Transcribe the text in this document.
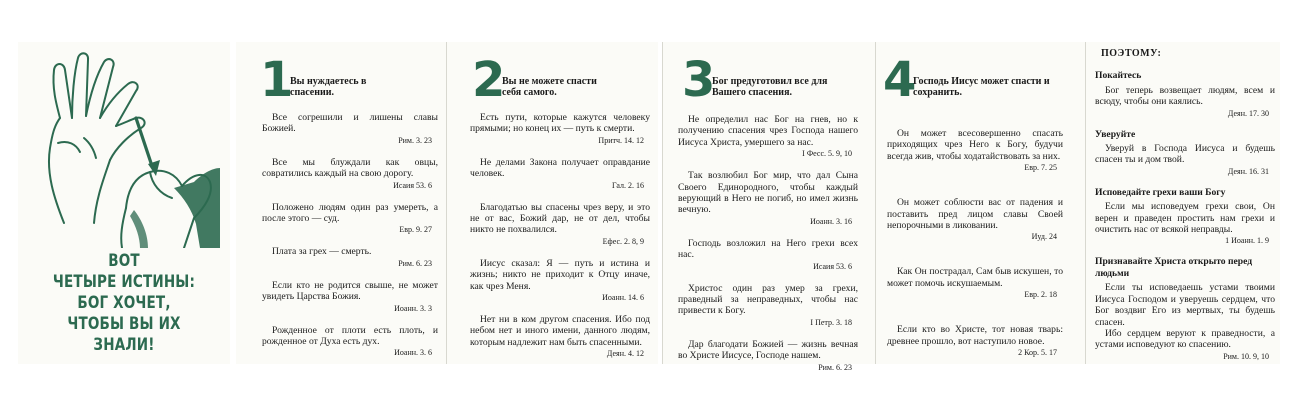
ВОТ
ЧЕТЫРЕ ИСТИНЫ:
БОГ ХОЧЕТ,
ЧТОБЫ ВЫ ИХ ЗНАЛИ!
1
Вы нуждаетесь в спасении.
Все согрешили и лишены славы Божией.
Рим. 3. 23
Все мы блуждали как овцы, совратились каждый на свою дорогу.
Исаия 53. 6
Положено людям один раз умереть, а после этого — суд.
Евр. 9. 27
Плата за грех — смерть.
Рим. 6. 23
Если кто не родится свыше, не может увидеть Царства Божия.
Иоанн. 3. 3
Рожденное от плоти есть плоть, и рожденное от Духа есть дух.
Иоанн. 3. 6
2
Вы не можете спасти себя самого.
Есть пути, которые кажутся человеку прямыми; но конец их — путь к смерти.
Притч. 14. 12
Не делами Закона получает оправдание человек.
Гал. 2. 16
Благодатью вы спасены чрез веру, и это не от вас, Божий дар, не от дел, чтобы никто не похвалился.
Ефес. 2. 8, 9
Иисус сказал: Я — путь и истина и жизнь; никто не приходит к Отцу иначе, как чрез Меня.
Иоанн. 14. 6
Нет ни в ком другом спасения. Ибо под небом нет и иного имени, данного людям, которым надлежит нам быть спасенными.
Деян. 4. 12
3
Бог предуготовил все для Вашего спасения.
Не определил нас Бог на гнев, но к получению спасения чрез Господа нашего Иисуса Христа, умершего за нас.
I Фесс. 5. 9, 10
Так возлюбил Бог мир, что дал Сына Своего Единородного, чтобы каждый верующий в Него не погиб, но имел жизнь вечную.
Иоанн. 3. 16
Господь возложил на Него грехи всех нас.
Исаия 53. 6
Христос один раз умер за грехи, праведный за неправедных, чтобы нас привести к Богу.
I Петр. 3. 18
Дар благодати Божией — жизнь вечная во Христе Иисусе, Господе нашем.
Рим. 6. 23
4
Господь Иисус может спасти и сохранить.
Он может всесовершенно спасать приходящих чрез Него к Богу, будучи всегда жив, чтобы ходатайствовать за них.
Евр. 7. 25
Он может соблюсти вас от падения и поставить пред лицом славы Своей непорочными в ликовании.
Иуд. 24
Как Он пострадал, Сам быв искушен, то может помочь искушаемым.
Евр. 2. 18
Если кто во Христе, тот новая тварь: древнее прошло, вот наступило новое.
2 Кор. 5. 17
ПОЭТОМУ:
Покайтесь
Бог теперь возвещает людям, всем и всюду, чтобы они каялись.
Деян. 17. 30
Уверуйте
Уверуй в Господа Иисуса и будешь спасен ты и дом твой.
Деян. 16. 31
Исповедайте грехи ваши Богу
Если мы исповедуем грехи свои, Он верен и праведен простить нам грехи и очистить нас от всякой неправды.
1 Иоанн. 1. 9
Признавайте Христа открыто перед людьми
Если ты исповедаешь устами твоими Иисуса Господом и уверуешь сердцем, что Бог воздвиг Его из мертвых, ты будешь спасен.
Ибо сердцем веруют к праведности, а устами исповедуют ко спасению.
Рим. 10. 9, 10
